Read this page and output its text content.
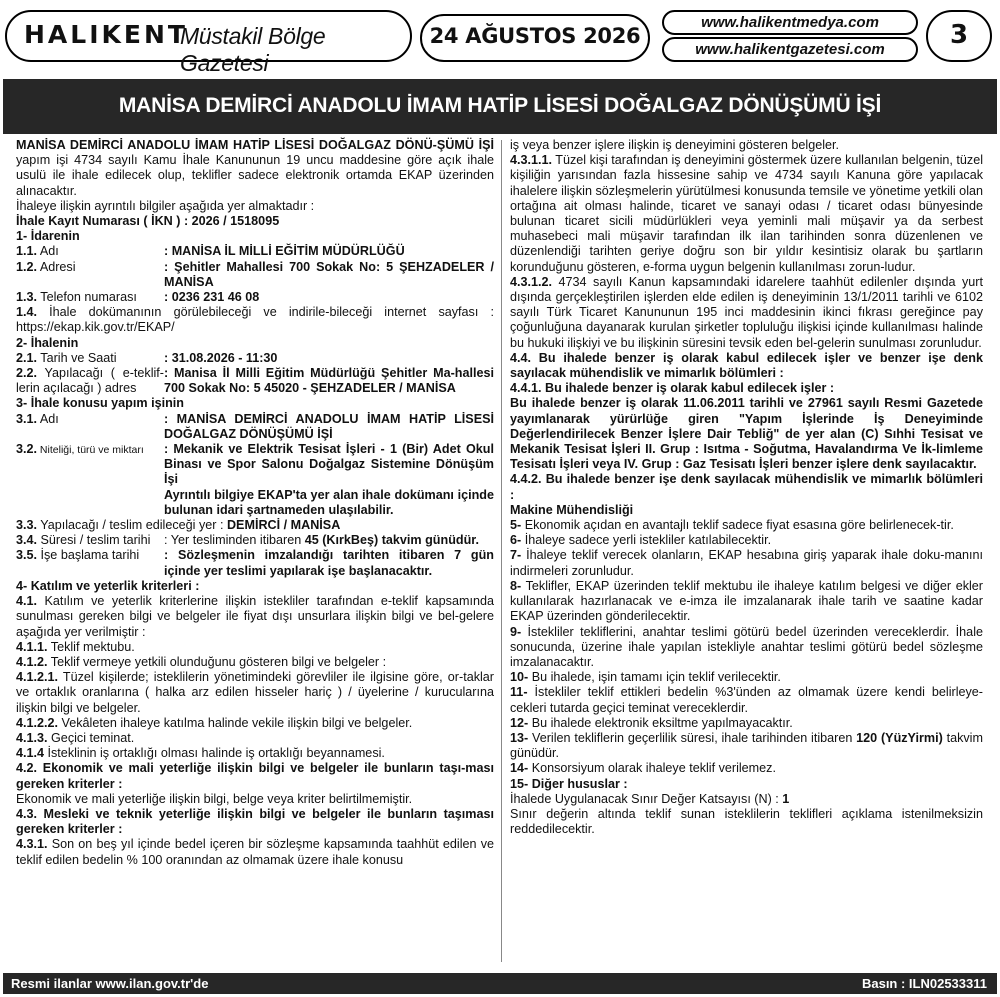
HALIKENT
Müstakil Bölge Gazetesi
24 AĞUSTOS 2026
www.halikentmedya.com
www.halikentgazetesi.com	3
MANİSA DEMİRCİ ANADOLU İMAM HATİP LİSESİ DOĞALGAZ DÖNÜŞÜMÜ İŞİ

MANİSA DEMİRCİ ANADOLU İMAM HATİP LİSESİ DOĞALGAZ DÖNÜ-ŞÜMÜ İŞİ yapım işi 4734 sayılı Kamu İhale Kanununun 19 uncu maddesine göre açık ihale usulü ile ihale edilecek olup, teklifler sadece elektronik ortamda EKAP üzerinden alınacaktır.

İhaleye ilişkin ayrıntılı bilgiler aşağıda yer almaktadır :

İhale Kayıt Numarası ( İKN ) : 2026 / 1518095

1- İdarenin

1.1. Adı	: MANİSA İL MİLLİ EĞİTİM MÜDÜRLÜĞÜ
1.2. Adresi	: Şehitler Mahallesi 700 Sokak No: 5 ŞEHZADELER / MANİSA
1.3. Telefon numarası	: 0236 231 46 08

1.4. İhale dokümanının görülebileceği ve indirile-bileceği internet sayfası : https://ekap.kik.gov.tr/EKAP/

2- İhalenin

2.1. Tarih ve Saati	: 31.08.2026 - 11:30
2.2. Yapılacağı ( e-teklif-lerin açılacağı ) adres
: Manisa İl Milli Eğitim Müdürlüğü Şehitler Ma-hallesi 700 Sokak No: 5 45020 - ŞEHZADELER / MANİSA

3- İhale konusu yapım işinin

3.1. Adı	: MANİSA DEMİRCİ ANADOLU İMAM HATİP LİSESİ DOĞALGAZ DÖNÜŞÜMÜ İŞİ
3.2. Niteliği, türü ve miktarı	: Mekanik ve Elektrik Tesisat İşleri - 1 (Bir) Adet Okul Binası ve Spor Salonu Doğalgaz Sistemine Dönüşüm İşi
Ayrıntılı bilgiye EKAP'ta yer alan ihale dokümanı içinde bulunan idari şartnameden ulaşılabilir.

3.3. Yapılacağı / teslim edileceği yer : DEMİRCİ / MANİSA

3.4. Süresi / teslim tarihi	: Yer tesliminden itibaren 45 (KırkBeş) takvim günüdür.
3.5. İşe başlama tarihi	: Sözleşmenin imzalandığı tarihten itibaren 7 gün içinde yer teslimi yapılarak işe başlanacaktır.

4- Katılım ve yeterlik kriterleri :

4.1. Katılım ve yeterlik kriterlerine ilişkin istekliler tarafından e-teklif kapsamında sunulması gereken bilgi ve belgeler ile fiyat dışı unsurlara ilişkin bilgi ve bel-gelere aşağıda yer verilmiştir :

4.1.1. Teklif mektubu.

4.1.2. Teklif vermeye yetkili olunduğunu gösteren bilgi ve belgeler :

4.1.2.1. Tüzel kişilerde; isteklilerin yönetimindeki görevliler ile ilgisine göre, or-taklar ve ortaklık oranlarına ( halka arz edilen hisseler hariç ) / üyelerine / kurucularına ilişkin bilgi ve belgeler.

4.1.2.2. Vekâleten ihaleye katılma halinde vekile ilişkin bilgi ve belgeler.

4.1.3. Geçici teminat.

4.1.4 İsteklinin iş ortaklığı olması halinde iş ortaklığı beyannamesi.

4.2. Ekonomik ve mali yeterliğe ilişkin bilgi ve belgeler ile bunların taşı-ması gereken kriterler :

Ekonomik ve mali yeterliğe ilişkin bilgi, belge veya kriter belirtilmemiştir.

4.3. Mesleki ve teknik yeterliğe ilişkin bilgi ve belgeler ile bunların taşıması gereken kriterler :

4.3.1. Son on beş yıl içinde bedel içeren bir sözleşme kapsamında taahhüt edilen ve teklif edilen bedelin % 100 oranından az olmamak üzere ihale konusu

iş veya benzer işlere ilişkin iş deneyimini gösteren belgeler.

4.3.1.1. Tüzel kişi tarafından iş deneyimini göstermek üzere kullanılan belgenin, tüzel kişiliğin yarısından fazla hissesine sahip ve 4734 sayılı Kanuna göre yapılacak ihalelere ilişkin sözleşmelerin yürütülmesi konusunda temsile ve yönetime yetkili olan ortağına ait olması halinde, ticaret ve sanayi odası / ticaret odası bünyesinde bulunan ticaret sicili müdürlükleri veya yeminli mali müşavir ya da serbest muhasebeci mali müşavir tarafından ilk ilan tarihinden sonra düzenlenen ve düzenlendiği tarihten geriye doğru son bir yıldır kesintisiz olarak bu şartların korunduğunu gösteren, e-forma uygun belgenin kullanılması zorun-ludur.

4.3.1.2. 4734 sayılı Kanun kapsamındaki idarelere taahhüt edilenler dışında yurt dışında gerçekleştirilen işlerden elde edilen iş deneyiminin 13/1/2011 tarihli ve 6102 sayılı Türk Ticaret Kanununun 195 inci maddesinin ikinci fıkrası gereğince pay çoğunluğuna dayanarak kurulan şirketler topluluğu ilişkisi içinde kullanılması halinde bu hukuki ilişkiyi ve bu ilişkinin süresini tevsik eden bel-gelerin sunulması zorunludur.

4.4. Bu ihalede benzer iş olarak kabul edilecek işler ve benzer işe denk sayılacak mühendislik ve mimarlık bölümleri :

4.4.1. Bu ihalede benzer iş olarak kabul edilecek işler :

Bu ihalede benzer iş olarak 11.06.2011 tarihli ve 27961 sayılı Resmi Gazetede yayımlanarak yürürlüğe giren "Yapım İşlerinde İş Deneyiminde Değerlendirilecek Benzer İşlere Dair Tebliğ" de yer alan (C) Sıhhi Tesisat ve Mekanik Tesisat İşleri II. Grup : Isıtma - Soğutma, Havalandırma Ve İk-limleme Tesisatı İşleri veya IV. Grup : Gaz Tesisatı İşleri benzer işlere denk sayılacaktır.

4.4.2. Bu ihalede benzer işe denk sayılacak mühendislik ve mimarlık bölümleri :

Makine Mühendisliği

5- Ekonomik açıdan en avantajlı teklif sadece fiyat esasına göre belirlenecek-tir.

6- İhaleye sadece yerli istekliler katılabilecektir.

7- İhaleye teklif verecek olanların, EKAP hesabına giriş yaparak ihale doku-manını indirmeleri zorunludur.

8- Teklifler, EKAP üzerinden teklif mektubu ile ihaleye katılım belgesi ve diğer ekler kullanılarak hazırlanacak ve e-imza ile imzalanarak ihale tarih ve saatine kadar EKAP üzerinden gönderilecektir.

9- İstekliler tekliflerini, anahtar teslimi götürü bedel üzerinden vereceklerdir. İhale sonucunda, üzerine ihale yapılan istekliyle anahtar teslimi götürü bedel sözleşme imzalanacaktır.

10- Bu ihalede, işin tamamı için teklif verilecektir.

11- İstekliler teklif ettikleri bedelin %3'ünden az olmamak üzere kendi belirleye-cekleri tutarda geçici teminat vereceklerdir.

12- Bu ihalede elektronik eksiltme yapılmayacaktır.

13- Verilen tekliflerin geçerlilik süresi, ihale tarihinden itibaren 120 (YüzYirmi) takvim günüdür.

14- Konsorsiyum olarak ihaleye teklif verilemez.

15- Diğer hususlar :

İhalede Uygulanacak Sınır Değer Katsayısı (N) : 1

Sınır değerin altında teklif sunan isteklilerin teklifleri açıklama istenilmeksizin reddedilecektir.

Resmi ilanlar www.ilan.gov.tr'de	Basın : ILN02533311
